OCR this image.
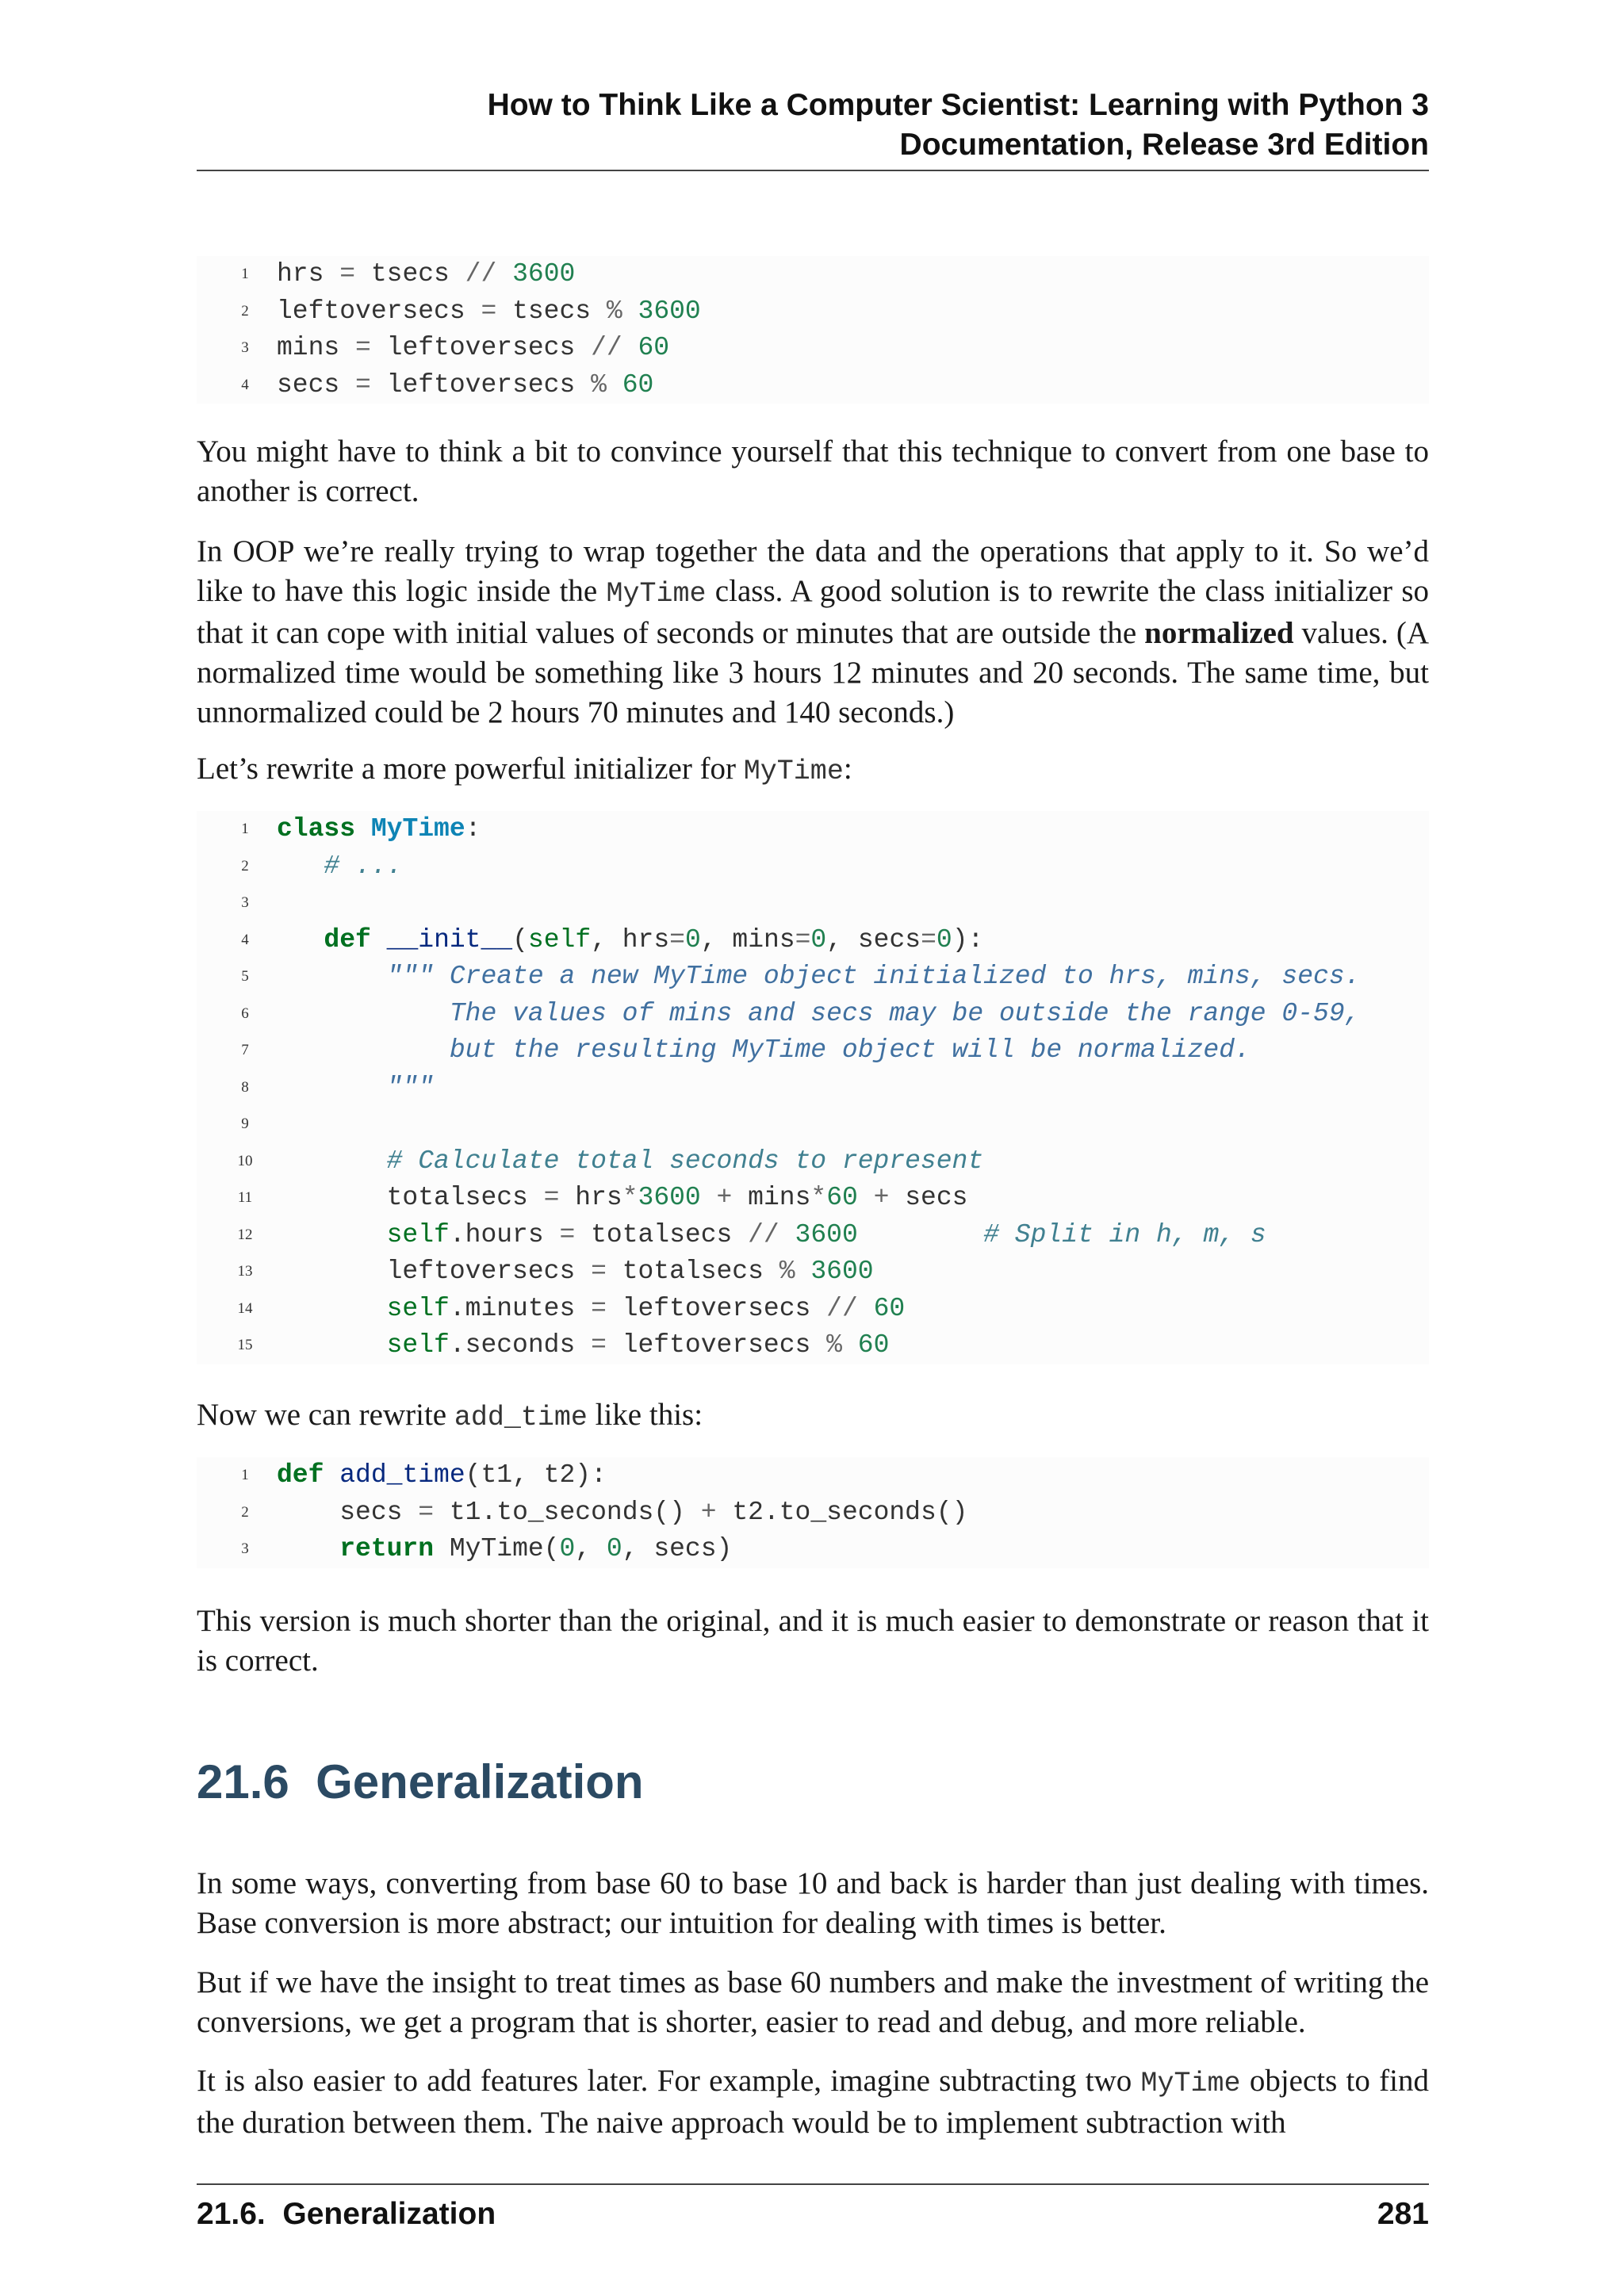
How to Think Like a Computer Scientist: Learning with Python 3
Documentation, Release 3rd Edition
1	hrs = tsecs // 3600
2	leftoversecs = tsecs % 3600
3	mins = leftoversecs // 60
4	secs = leftoversecs % 60
You might have to think a bit to convince yourself that this technique to convert from one base to another is correct.
In OOP we’re really trying to wrap together the data and the operations that apply to it. So we’d like to have this logic inside the MyTime class. A good solution is to rewrite the class initializer so that it can cope with initial values of seconds or minutes that are outside the normalized values. (A normalized time would be something like 3 hours 12 minutes and 20 seconds. The same time, but unnormalized could be 2 hours 70 minutes and 140 seconds.)
Let’s rewrite a more powerful initializer for MyTime:
1	class MyTime:
2	# ...
3
4	def __init__(self, hrs=0, mins=0, secs=0):
5	""" Create a new MyTime object initialized to hrs, mins, secs.
6	The values of mins and secs may be outside the range 0-59,
7	but the resulting MyTime object will be normalized.
8	"""
9
10	# Calculate total seconds to represent
11	totalsecs = hrs*3600 + mins*60 + secs
12	self.hours = totalsecs // 3600	# Split in h, m, s
13	leftoversecs = totalsecs % 3600
14	self.minutes = leftoversecs // 60
15	self.seconds = leftoversecs % 60
Now we can rewrite add_time like this:
1	def add_time(t1, t2):
2	secs = t1.to_seconds() + t2.to_seconds()
3	return MyTime(0, 0, secs)
This version is much shorter than the original, and it is much easier to demonstrate or reason that it is correct.
21.6 Generalization
In some ways, converting from base 60 to base 10 and back is harder than just dealing with times. Base conversion is more abstract; our intuition for dealing with times is better.
But if we have the insight to treat times as base 60 numbers and make the investment of writing the conversions, we get a program that is shorter, easier to read and debug, and more reliable.
It is also easier to add features later. For example, imagine subtracting two MyTime objects to find the duration between them. The naive approach would be to implement subtraction with
21.6.  Generalization	281
